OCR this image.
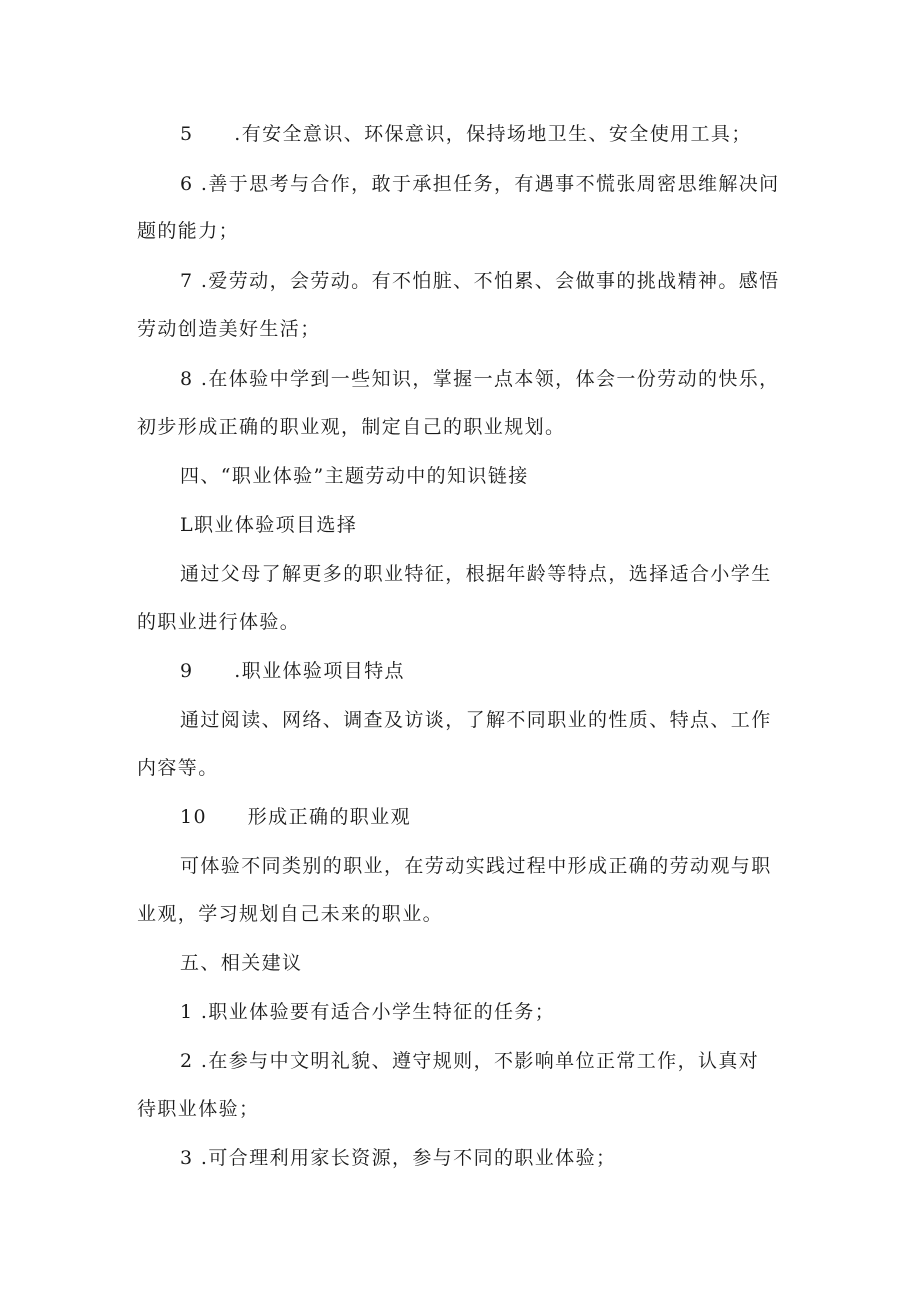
5　　.有安全意识、环保意识，保持场地卫生、安全使用工具；
6 .善于思考与合作，敢于承担任务，有遇事不慌张周密思维解决问
题的能力；
7 .爱劳动，会劳动。有不怕脏、不怕累、会做事的挑战精神。感悟
劳动创造美好生活；
8 .在体验中学到一些知识，掌握一点本领，体会一份劳动的快乐，
初步形成正确的职业观，制定自己的职业规划。
四、“职业体验”主题劳动中的知识链接
L职业体验项目选择
通过父母了解更多的职业特征，根据年龄等特点，选择适合小学生
的职业进行体验。
9　　.职业体验项目特点
通过阅读、网络、调查及访谈，了解不同职业的性质、特点、工作
内容等。
10　　形成正确的职业观
可体验不同类别的职业，在劳动实践过程中形成正确的劳动观与职
业观，学习规划自己未来的职业。
五、相关建议
1 .职业体验要有适合小学生特征的任务；
2 .在参与中文明礼貌、遵守规则，不影响单位正常工作，认真对
待职业体验；
3 .可合理利用家长资源，参与不同的职业体验；
